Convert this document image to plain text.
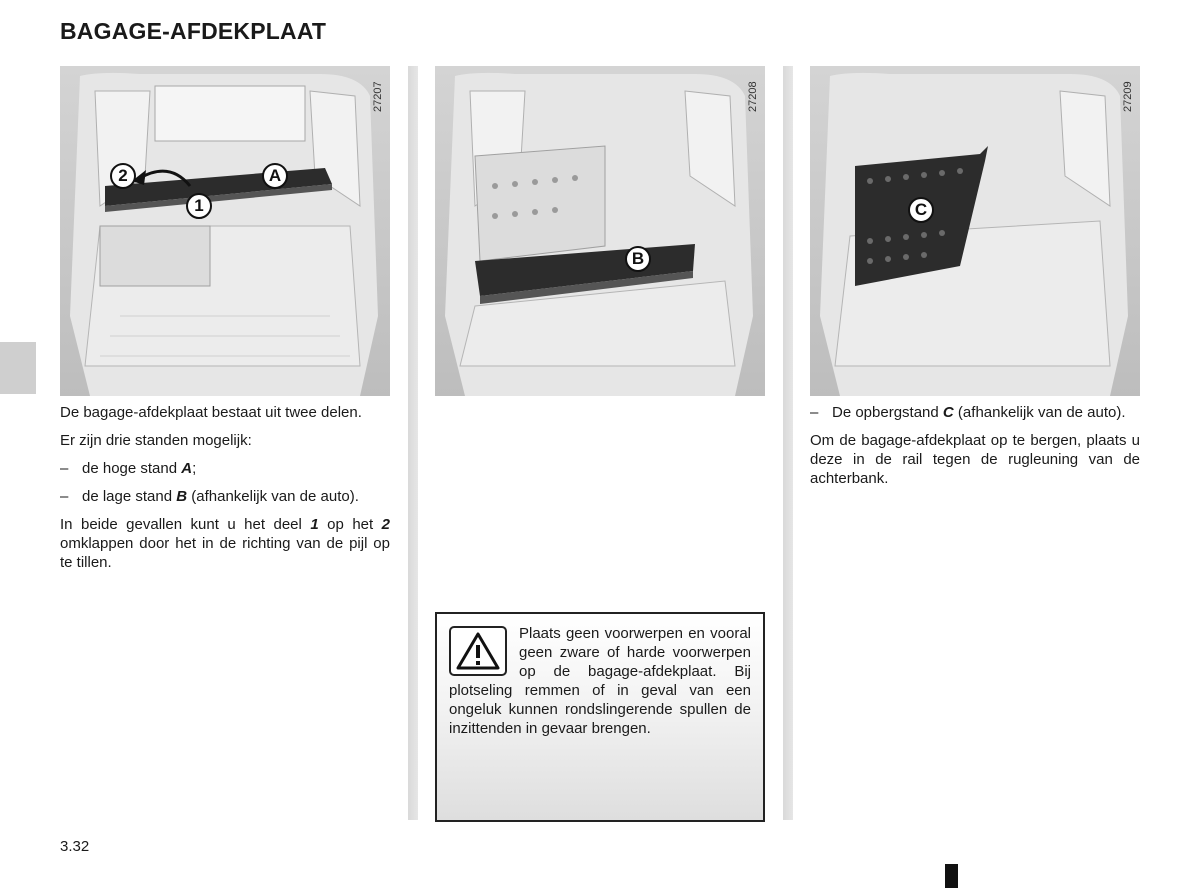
BAGAGE-AFDEKPLAAT
27207
2	A
1
27208
B
27209
C

De bagage-afdekplaat bestaat uit twee delen.

Er zijn drie standen mogelijk:

– de hoge stand A;
– de lage stand B (afhankelijk van de auto).

In beide gevallen kunt u het deel 1 op het 2 omklappen door het in de richting van de pijl op te tillen.

– De opbergstand C (afhankelijk van de auto).

Om de bagage-afdekplaat op te bergen, plaats u deze in de rail tegen de rugleuning van de achterbank.

Plaats geen voorwerpen en vooral geen zware of harde voorwerpen op de bagage-afdekplaat. Bij plotseling remmen of in geval van een ongeluk kunnen rondslingerende spullen de inzittenden in gevaar brengen.
3.32
